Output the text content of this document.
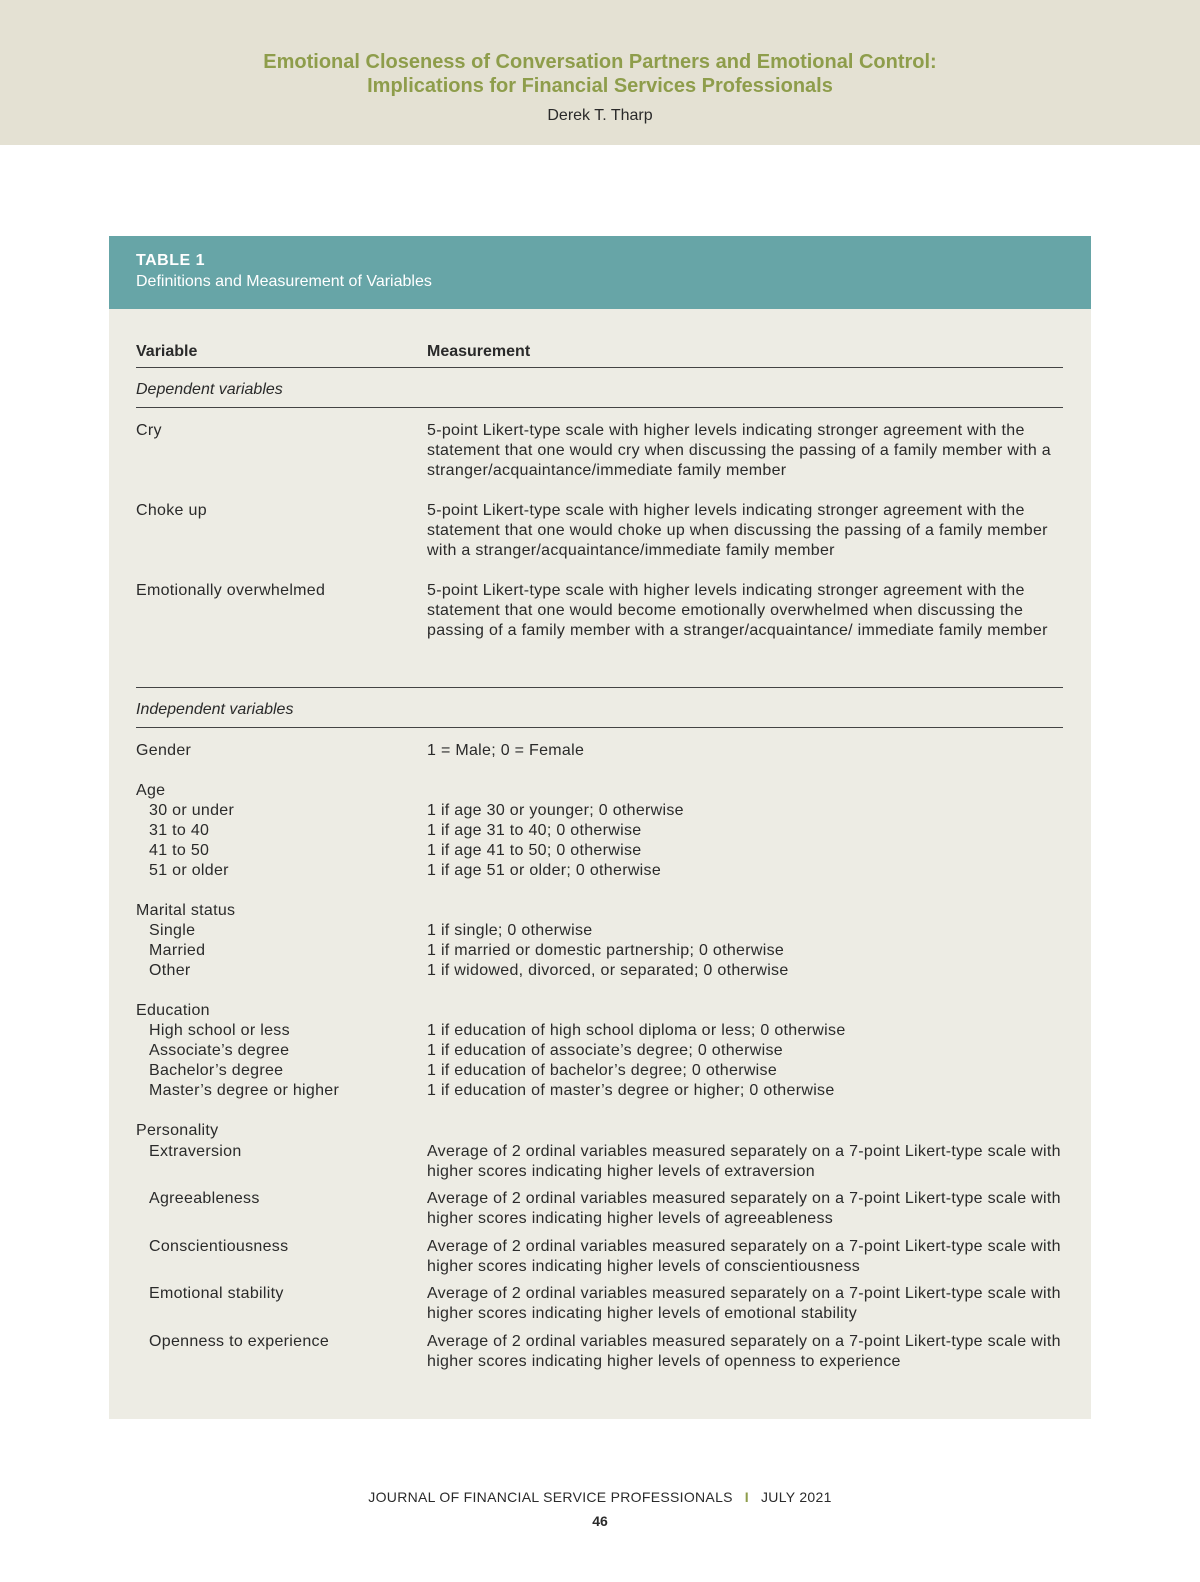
Emotional Closeness of Conversation Partners and Emotional Control:
Implications for Financial Services Professionals
Derek T. Tharp
TABLE 1
Definitions and Measurement of Variables
Variable	Measurement
Dependent variables
Cry	5-point Likert-type scale with higher levels indicating stronger agreement with the statement that one would cry when discussing the passing of a family member with a stranger/acquaintance/immediate family member
Choke up	5-point Likert-type scale with higher levels indicating stronger agreement with the statement that one would choke up when discussing the passing of a family member with a stranger/acquaintance/immediate family member
Emotionally overwhelmed	5-point Likert-type scale with higher levels indicating stronger agreement with the statement that one would become emotionally overwhelmed when discussing the passing of a family member with a stranger/acquaintance/ immediate family member
Independent variables
Gender	1 = Male; 0 = Female
Age
30 or under	1 if age 30 or younger; 0 otherwise
31 to 40	1 if age 31 to 40; 0 otherwise
41 to 50	1 if age 41 to 50; 0 otherwise
51 or older	1 if age 51 or older; 0 otherwise
Marital status
Single	1 if single; 0 otherwise
Married	1 if married or domestic partnership; 0 otherwise
Other	1 if widowed, divorced, or separated; 0 otherwise
Education
High school or less	1 if education of high school diploma or less; 0 otherwise
Associate’s degree	1 if education of associate’s degree; 0 otherwise
Bachelor’s degree	1 if education of bachelor’s degree; 0 otherwise
Master’s degree or higher	1 if education of master’s degree or higher; 0 otherwise
Personality
Extraversion	Average of 2 ordinal variables measured separately on a 7-point Likert-type scale with higher scores indicating higher levels of extraversion
Agreeableness	Average of 2 ordinal variables measured separately on a 7-point Likert-type scale with higher scores indicating higher levels of agreeableness
Conscientiousness	Average of 2 ordinal variables measured separately on a 7-point Likert-type scale with higher scores indicating higher levels of conscientiousness
Emotional stability	Average of 2 ordinal variables measured separately on a 7-point Likert-type scale with higher scores indicating higher levels of emotional stability
Openness to experience	Average of 2 ordinal variables measured separately on a 7-point Likert-type scale with higher scores indicating higher levels of openness to experience
JOURNAL OF FINANCIAL SERVICE PROFESSIONALS I JULY 2021
46
